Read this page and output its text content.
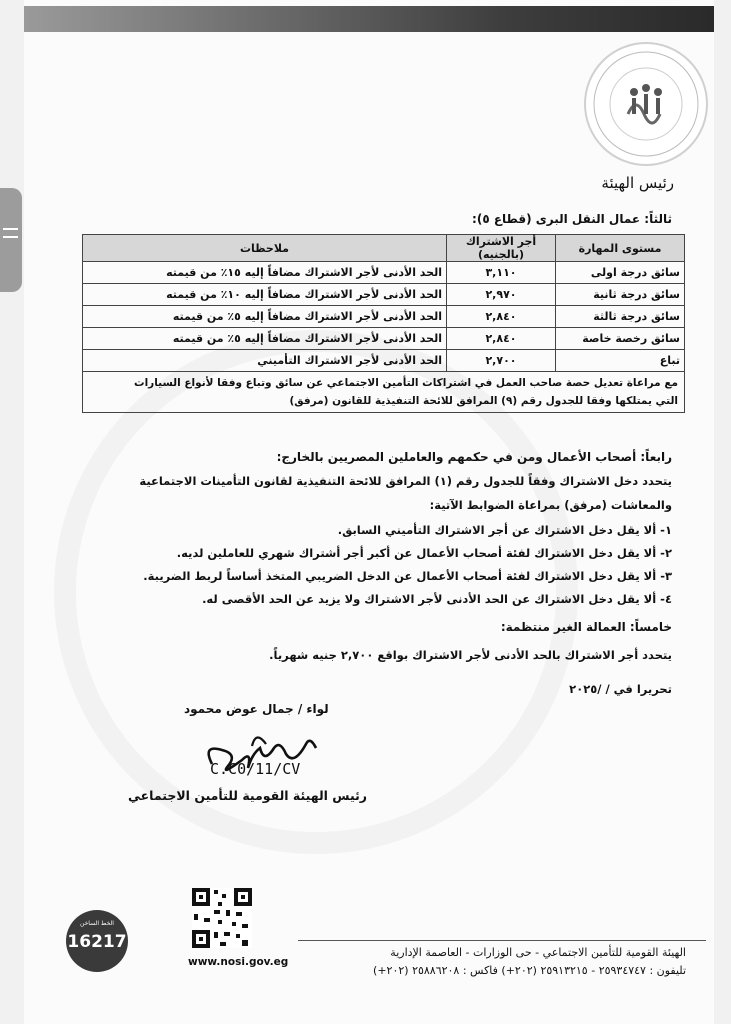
رئيس الهيئة
ثالثاً: عمال النقل البرى (قطاع ٥):
مستوى المهارة	أجر الاشتراك (بالجنيه)	ملاحظات
سائق درجة اولى	٣,١١٠	الحد الأدنى لأجر الاشتراك مضافاً إليه ١٥٪ من قيمته
سائق درجة ثانية	٢,٩٧٠	الحد الأدنى لأجر الاشتراك مضافاً إليه ١٠٪ من قيمته
سائق درجة ثالثة	٢,٨٤٠	الحد الأدنى لأجر الاشتراك مضافاً إليه ٥٪ من قيمته
سائق رخصة خاصة	٢,٨٤٠	الحد الأدنى لأجر الاشتراك مضافاً إليه ٥٪ من قيمته
تباع	٢,٧٠٠	الحد الأدنى لأجر الاشتراك التأميني

مع مراعاة تعديل حصة صاحب العمل في اشتراكات التأمين الاجتماعي عن سائق وتباع وفقا لأنواع السيارات
التي يمتلكها وفقا للجدول رقم (٩) المرافق للائحة التنفيذية للقانون (مرفق)		
رابعاً: أصحاب الأعمال ومن في حكمهم والعاملين المصريين بالخارج:
يتحدد دخل الاشتراك وفقاً للجدول رقم (١) المرافق للائحة التنفيذية لقانون التأمينات الاجتماعية
والمعاشات (مرفق) بمراعاة الضوابط الآتية:
١- ألا يقل دخل الاشتراك عن أجر الاشتراك التأميني السابق.
٢- ألا يقل دخل الاشتراك لفئة أصحاب الأعمال عن أكبر أجر أشتراك شهري للعاملين لديه.
٣- ألا يقل دخل الاشتراك لفئة أصحاب الأعمال عن الدخل الضريبي المتخذ أساساً لربط الضريبة.
٤- ألا يقل دخل الاشتراك عن الحد الأدنى لأجر الاشتراك ولا يزيد عن الحد الأقصى له.
خامساً: العمالة الغير منتظمة:
يتحدد أجر الاشتراك بالحد الأدنى لأجر الاشتراك بواقع ٢,٧٠٠ جنيه شهرياً.
تحريرا في / /٢٠٢٥
لواء / جمال عوض محمود
C.C0/11/CV
رئيس الهيئة القومية للتأمين الاجتماعي
الخط الساخن
16217
www.nosi.gov.eg
الهيئة القومية للتأمين الاجتماعي - حى الوزارات - العاصمة الإدارية
تليفون : ٢٥٩٣٤٧٤٧ - ٢٥٩١٣٢١٥ (٢٠٢+) فاكس : ٢٥٨٨٦٢٠٨ (٢٠٢+)
